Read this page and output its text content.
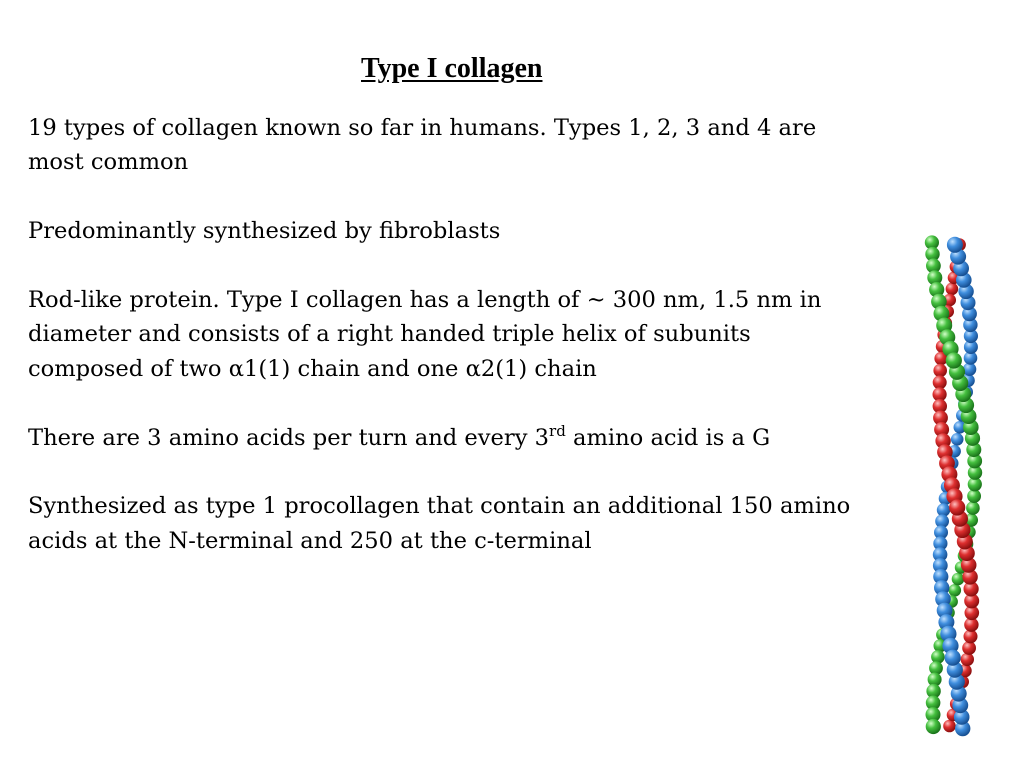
Type I collagen
19 types of collagen known so far in humans. Types 1, 2, 3 and 4 are
most common
Predominantly synthesized by fibroblasts
Rod-like protein. Type I collagen has a length of ~ 300 nm, 1.5 nm in
diameter and consists of a right handed triple helix of subunits
composed of two α1(1) chain and one α2(1) chain
There are 3 amino acids per turn and every 3rd amino acid is a G
Synthesized as type 1 procollagen that contain an additional 150 amino
acids at the N-terminal and 250 at the c-terminal
